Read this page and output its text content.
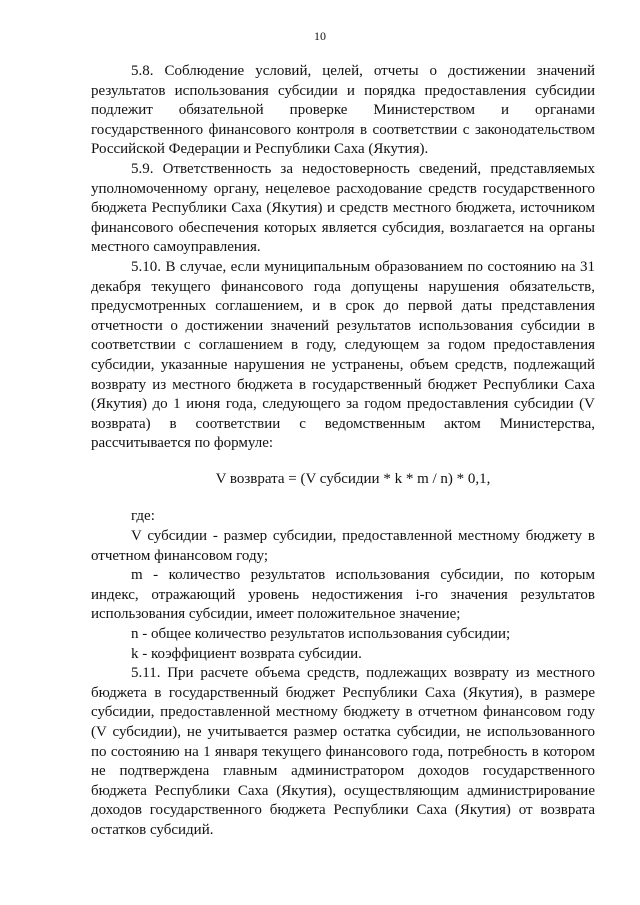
10

5.8. Соблюдение условий, целей, отчеты о достижении значений результатов использования субсидии и порядка предоставления субсидии подлежит обязательной проверке Министерством и органами государственного финансового контроля в соответствии с законодательством Российской Федерации и Республики Саха (Якутия).

5.9. Ответственность за недостоверность сведений, представляемых уполномоченному органу, нецелевое расходование средств государственного бюджета Республики Саха (Якутия) и средств местного бюджета, источником финансового обеспечения которых является субсидия, возлагается на органы местного самоуправления.

5.10. В случае, если муниципальным образованием по состоянию на 31 декабря текущего финансового года допущены нарушения обязательств, предусмотренных соглашением, и в срок до первой даты представления отчетности о достижении значений результатов использования субсидии в соответствии с соглашением в году, следующем за годом предоставления субсидии, указанные нарушения не устранены, объем средств, подлежащий возврату из местного бюджета в государственный бюджет Республики Саха (Якутия) до 1 июня года, следующего за годом предоставления субсидии (V возврата) в соответствии с ведомственным актом Министерства, рассчитывается по формуле:

V возврата = (V субсидии * k * m / n) * 0,1,

где:

V субсидии - размер субсидии, предоставленной местному бюджету в отчетном финансовом году;

m - количество результатов использования субсидии, по которым индекс, отражающий уровень недостижения i-го значения результатов использования субсидии, имеет положительное значение;

n - общее количество результатов использования субсидии;

k - коэффициент возврата субсидии.

5.11. При расчете объема средств, подлежащих возврату из местного бюджета в государственный бюджет Республики Саха (Якутия), в размере субсидии, предоставленной местному бюджету в отчетном финансовом году (V субсидии), не учитывается размер остатка субсидии, не использованного по состоянию на 1 января текущего финансового года, потребность в котором не подтверждена главным администратором доходов государственного бюджета Республики Саха (Якутия), осуществляющим администрирование доходов государственного бюджета Республики Саха (Якутия) от возврата остатков субсидий.
